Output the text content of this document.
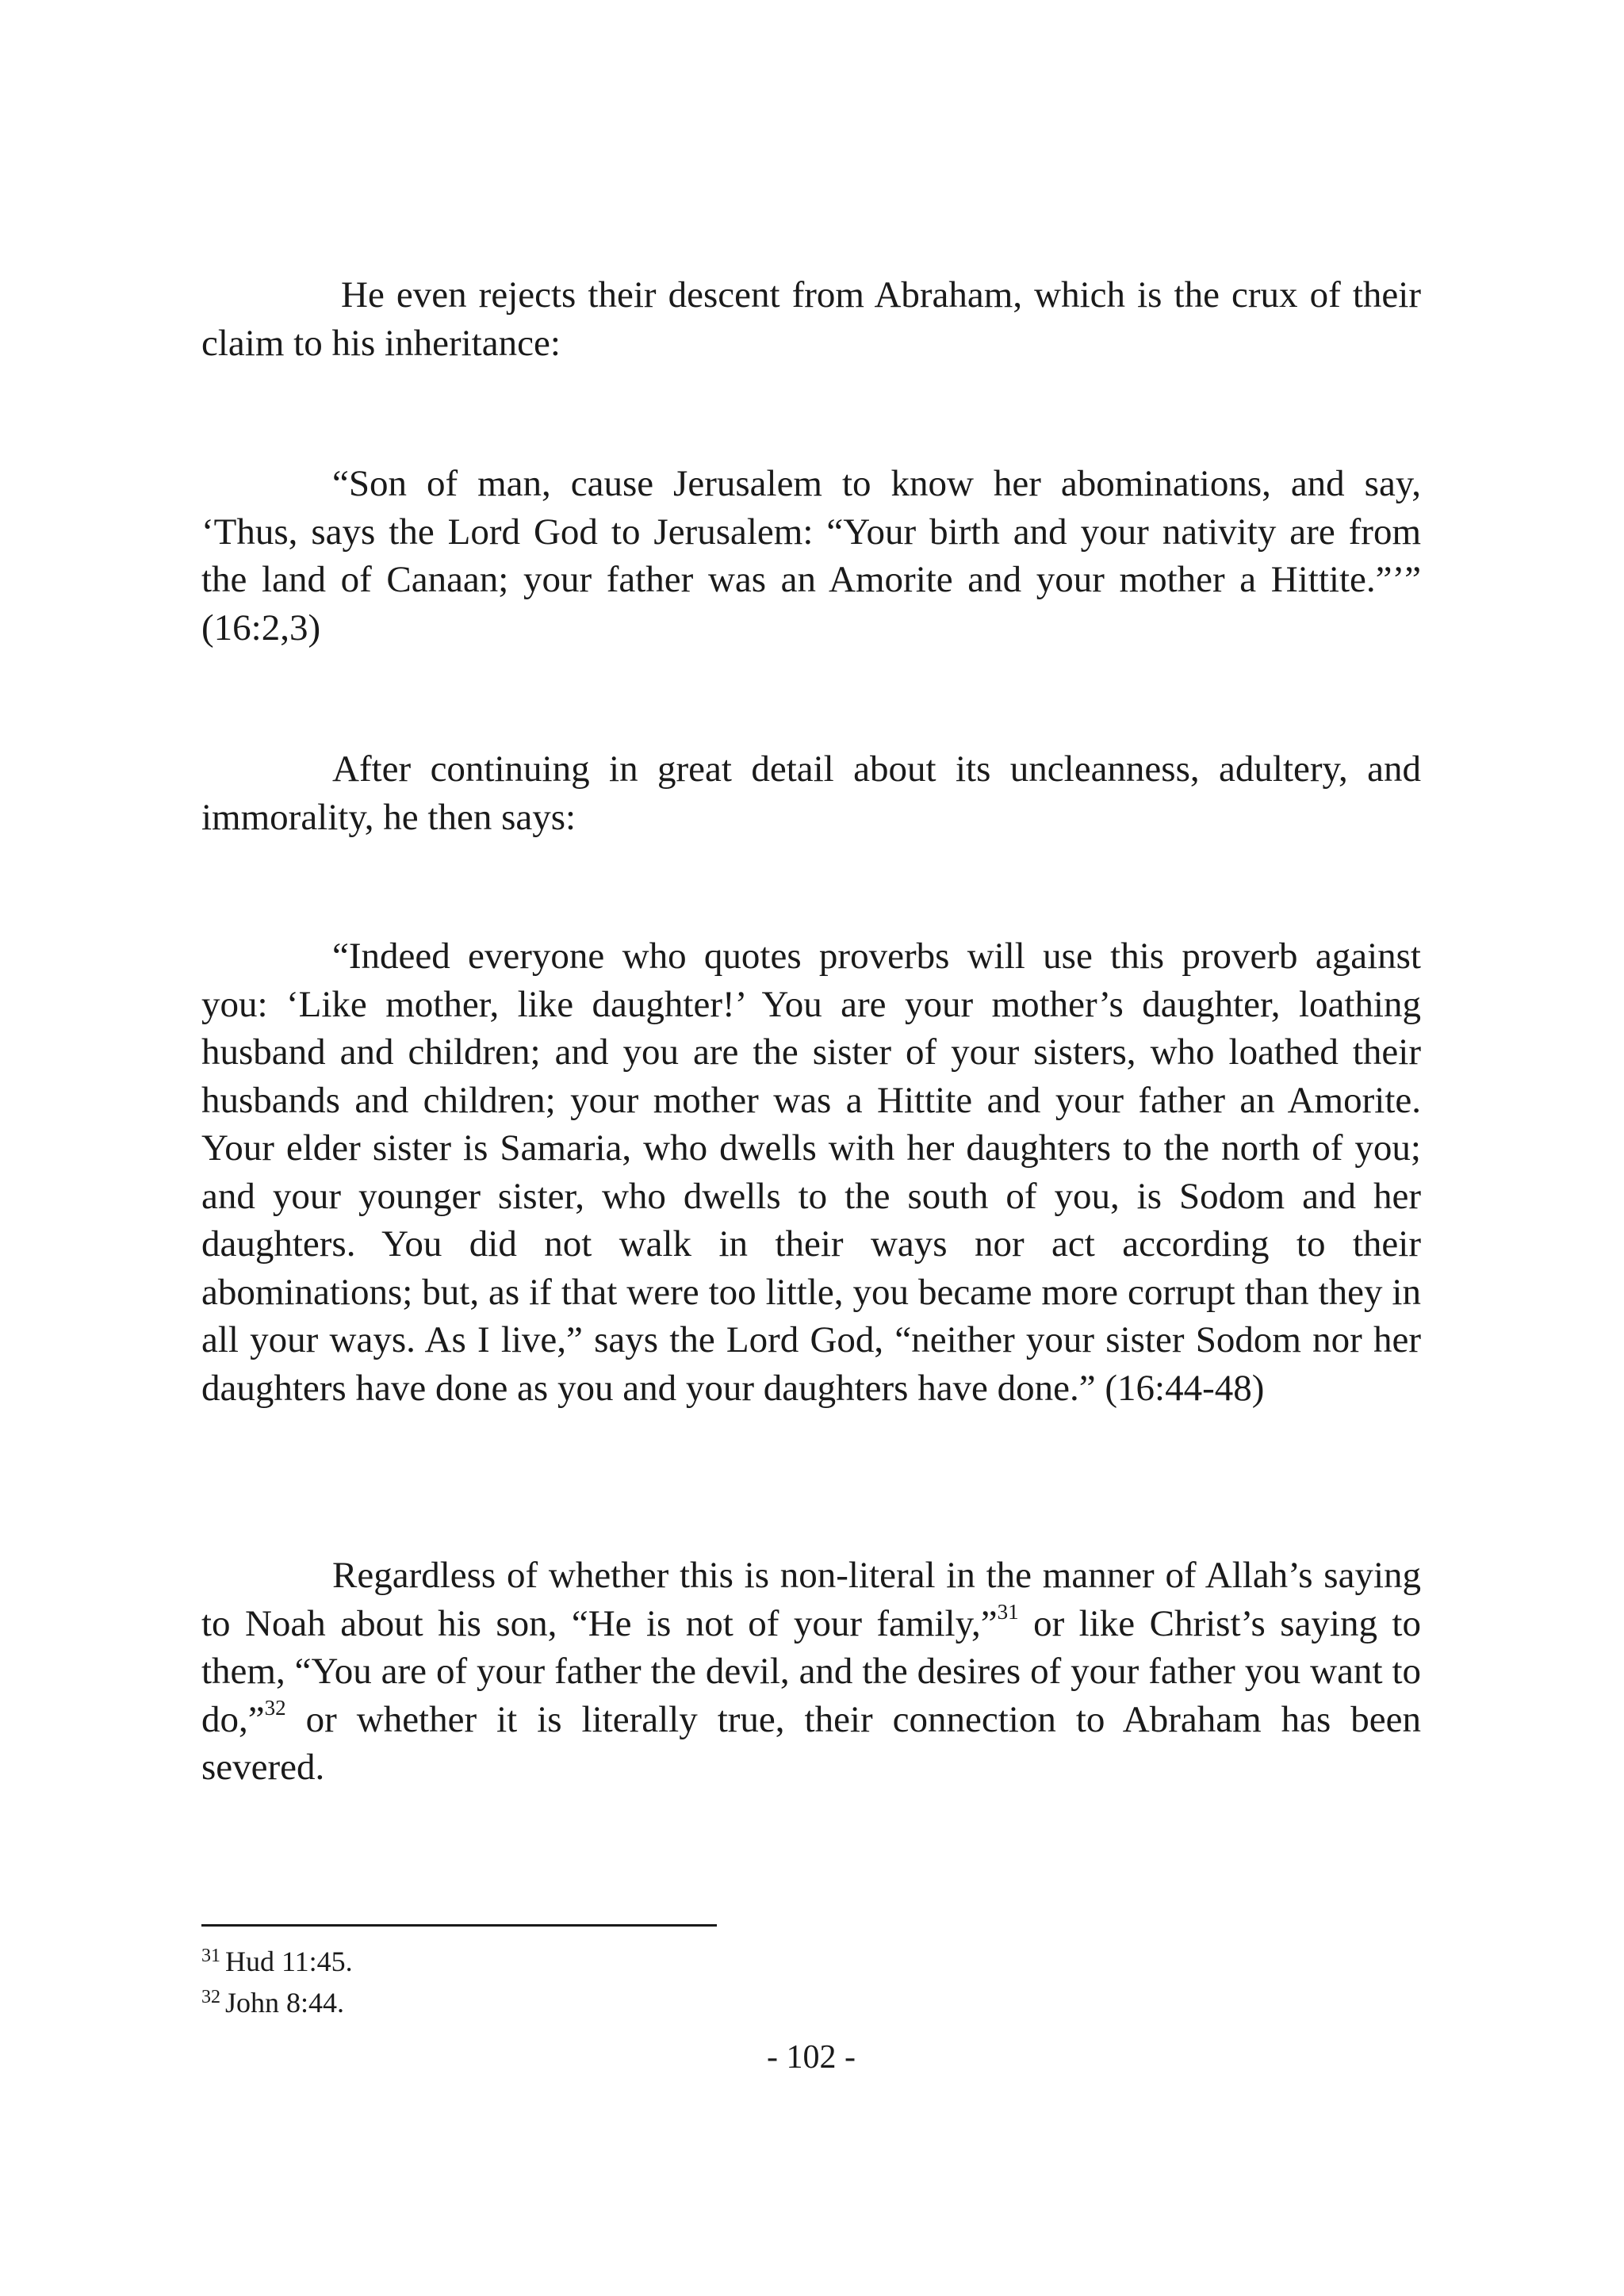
He even rejects their descent from Abraham, which is the crux of their claim to his inheritance:

“Son of man, cause Jerusalem to know her abominations, and say, ‘Thus, says the Lord God to Jerusalem: “Your birth and your nativity are from the land of Canaan; your father was an Amorite and your mother a Hittite.”’” (16:2,3)

After continuing in great detail about its uncleanness, adultery, and immorality, he then says:

“Indeed everyone who quotes proverbs will use this proverb against you: ‘Like mother, like daughter!’ You are your mother’s daughter, loathing husband and children; and you are the sister of your sisters, who loathed their husbands and children; your mother was a Hittite and your father an Amorite. Your elder sister is Samaria, who dwells with her daughters to the north of you; and your younger sister, who dwells to the south of you, is Sodom and her daughters. You did not walk in their ways nor act according to their abominations; but, as if that were too little, you became more corrupt than they in all your ways. As I live,” says the Lord God, “neither your sister Sodom nor her daughters have done as you and your daughters have done.” (16:44-48)

Regardless of whether this is non-literal in the manner of Allah’s saying to Noah about his son, “He is not of your family,”$^{31}$ or like Christ’s saying to them, “You are of your father the devil, and the desires of your father you want to do,”$^{32}$ or whether it is literally true, their connection to Abraham has been severed.

$^{31}$ Hud 11:45.

$^{32}$ John 8:44.

- 102 -
